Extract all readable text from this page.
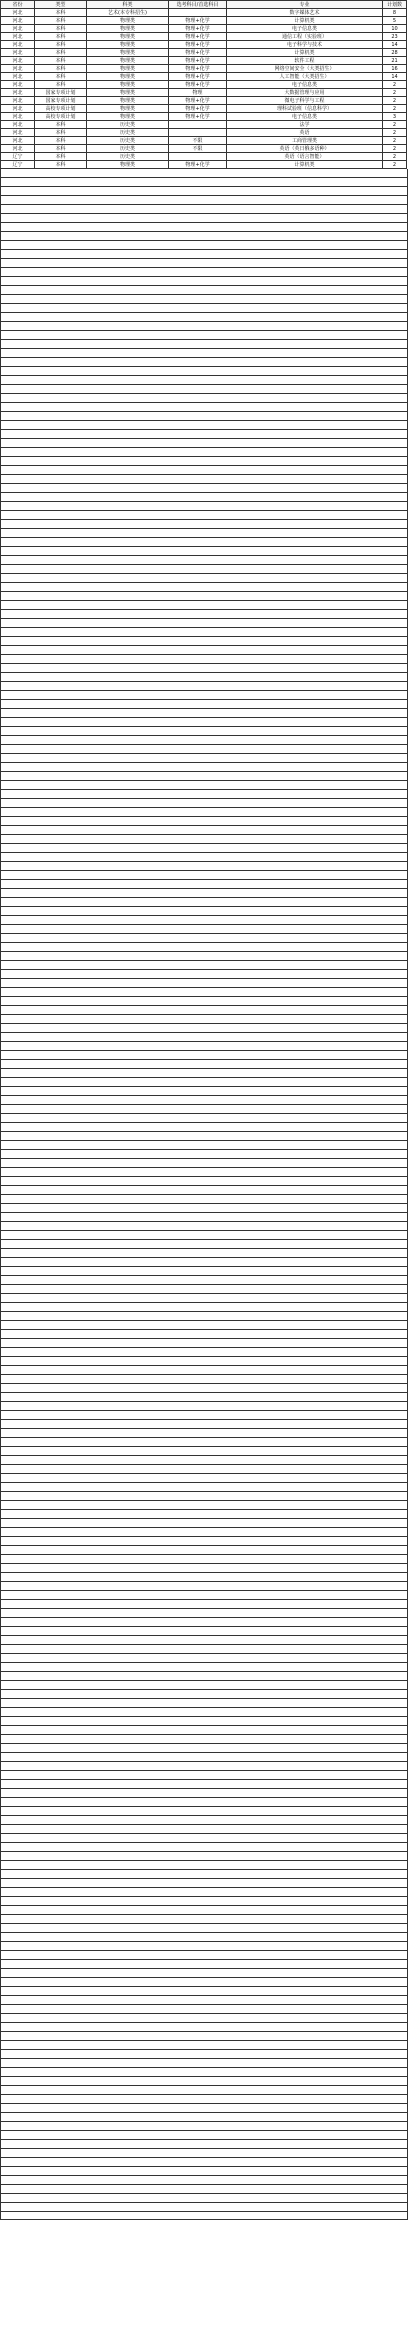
省份	类型	科类	选考科目/首选科目	专业	计划数
河北	本科	艺术(本专科招生)		数字媒体艺术	8
河北	本科	物理类	物理+化学	计算机类	5
河北	本科	物理类	物理+化学	电子信息类	10
河北	本科	物理类	物理+化学	通信工程（实验班）	23
河北	本科	物理类	物理+化学	电子科学与技术	14
河北	本科	物理类	物理+化学	计算机类	28
河北	本科	物理类	物理+化学	软件工程	21
河北	本科	物理类	物理+化学	网络空间安全（大类招生）	16
河北	本科	物理类	物理+化学	人工智能（大类招生）	14
河北	本科	物理类	物理+化学	电子信息类	2
河北	国家专项计划	物理类	物理	大数据管理与应用	2
河北	国家专项计划	物理类	物理+化学	微电子科学与工程	2
河北	高校专项计划	物理类	物理+化学	理科试验班（信息科学）	2
河北	高校专项计划	物理类	物理+化学	电子信息类	3
河北	本科	历史类		法学	2
河北	本科	历史类		英语	2
河北	本科	历史类	不限	工商管理类	2
河北	本科	历史类	不限	英语（英日俄多语种）	2
辽宁	本科	历史类		英语（语言智能）	2
辽宁	本科	物理类	物理+化学	计算机类	2
